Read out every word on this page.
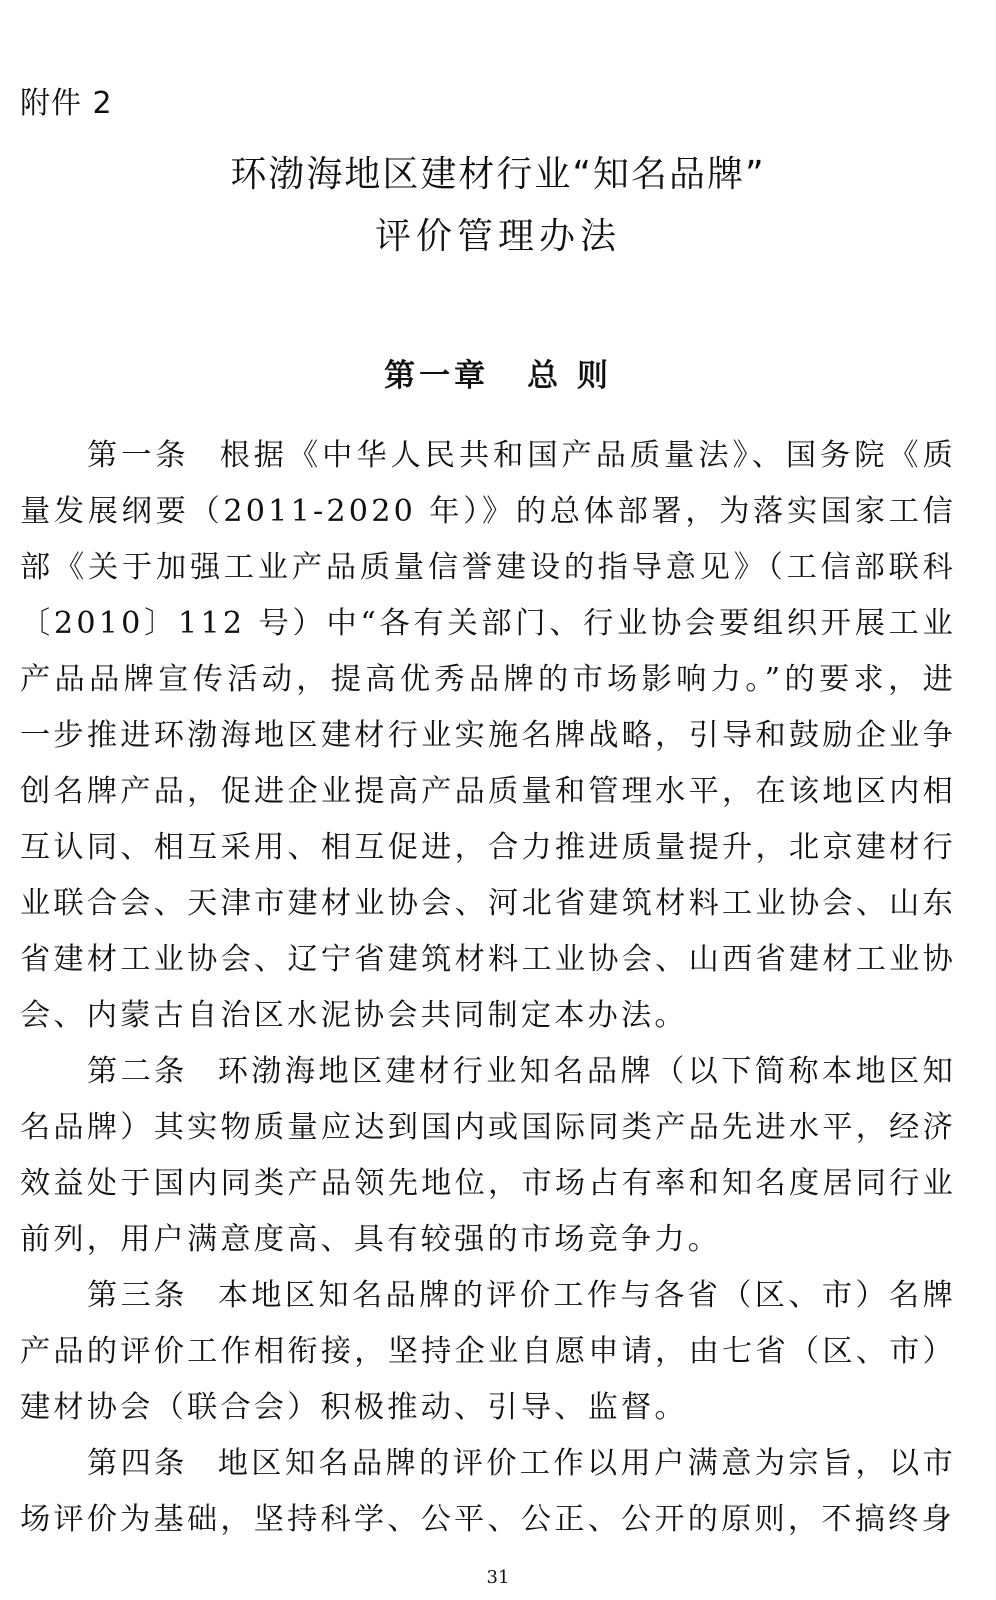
附件 2
环渤海地区建材行业“知名品牌”
评价管理办法
第一章 总 则

第一条 根据《中华人民共和国产品质量法》、国务院《质量发展纲要（2011-2020 年）》的总体部署，为落实国家工信部《关于加强工业产品质量信誉建设的指导意见》（工信部联科〔2010〕112 号）中“各有关部门、行业协会要组织开展工业产品品牌宣传活动，提高优秀品牌的市场影响力。”的要求，进一步推进环渤海地区建材行业实施名牌战略，引导和鼓励企业争创名牌产品，促进企业提高产品质量和管理水平，在该地区内相互认同、相互采用、相互促进，合力推进质量提升，北京建材行业联合会、天津市建材业协会、河北省建筑材料工业协会、山东省建材工业协会、辽宁省建筑材料工业协会、山西省建材工业协会、内蒙古自治区水泥协会共同制定本办法。

第二条 环渤海地区建材行业知名品牌（以下简称本地区知名品牌）其实物质量应达到国内或国际同类产品先进水平，经济效益处于国内同类产品领先地位，市场占有率和知名度居同行业前列，用户满意度高、具有较强的市场竞争力。

第三条 本地区知名品牌的评价工作与各省（区、市）名牌产品的评价工作相衔接，坚持企业自愿申请，由七省（区、市）建材协会（联合会）积极推动、引导、监督。

第四条 地区知名品牌的评价工作以用户满意为宗旨，以市场评价为基础，坚持科学、公平、公正、公开的原则，不搞终身

31
